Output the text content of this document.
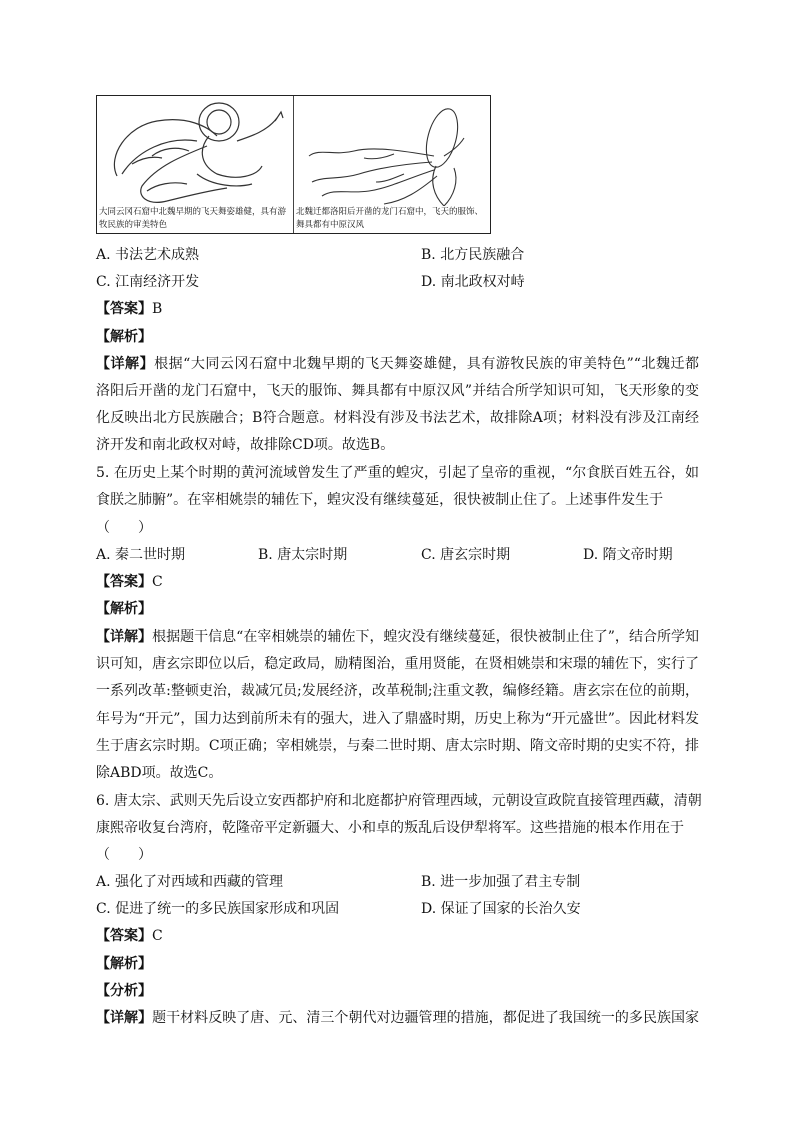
大同云冈石窟中北魏早期的飞天舞姿雄健，具有游牧民族的审美特色
北魏迁都洛阳后开凿的龙门石窟中，飞天的服饰、舞具都有中原汉风
A. 书法艺术成熟	B. 北方民族融合
C. 江南经济开发	D. 南北政权对峙
【答案】B
【解析】
【详解】根据“大同云冈石窟中北魏早期的飞天舞姿雄健，具有游牧民族的审美特色”“北魏迁都
洛阳后开凿的龙门石窟中，飞天的服饰、舞具都有中原汉风”并结合所学知识可知，飞天形象的变
化反映出北方民族融合；B符合题意。材料没有涉及书法艺术，故排除A项；材料没有涉及江南经
济开发和南北政权对峙，故排除CD项。故选B。
5. 在历史上某个时期的黄河流域曾发生了严重的蝗灾，引起了皇帝的重视，“尔食朕百姓五谷，如
食朕之肺腑”。在宰相姚崇的辅佐下，蝗灾没有继续蔓延，很快被制止住了。上述事件发生于
（　　）
A. 秦二世时期	B. 唐太宗时期	C. 唐玄宗时期	D. 隋文帝时期
【答案】C
【解析】
【详解】根据题干信息“在宰相姚崇的辅佐下，蝗灾没有继续蔓延，很快被制止住了”，结合所学知
识可知，唐玄宗即位以后，稳定政局，励精图治，重用贤能，在贤相姚崇和宋璟的辅佐下，实行了
一系列改革:整顿吏治，裁减冗员;发展经济，改革税制;注重文教，编修经籍。唐玄宗在位的前期，
年号为“开元”，国力达到前所未有的强大，进入了鼎盛时期，历史上称为“开元盛世”。因此材料发
生于唐玄宗时期。C项正确；宰相姚崇，与秦二世时期、唐太宗时期、隋文帝时期的史实不符，排
除ABD项。故选C。
6. 唐太宗、武则天先后设立安西都护府和北庭都护府管理西域，元朝设宣政院直接管理西藏，清朝
康熙帝收复台湾府，乾隆帝平定新疆大、小和卓的叛乱后设伊犁将军。这些措施的根本作用在于
（　　）
A. 强化了对西域和西藏的管理	B. 进一步加强了君主专制
C. 促进了统一的多民族国家形成和巩固	D. 保证了国家的长治久安
【答案】C
【解析】
【分析】
【详解】题干材料反映了唐、元、清三个朝代对边疆管理的措施，都促进了我国统一的多民族国家
